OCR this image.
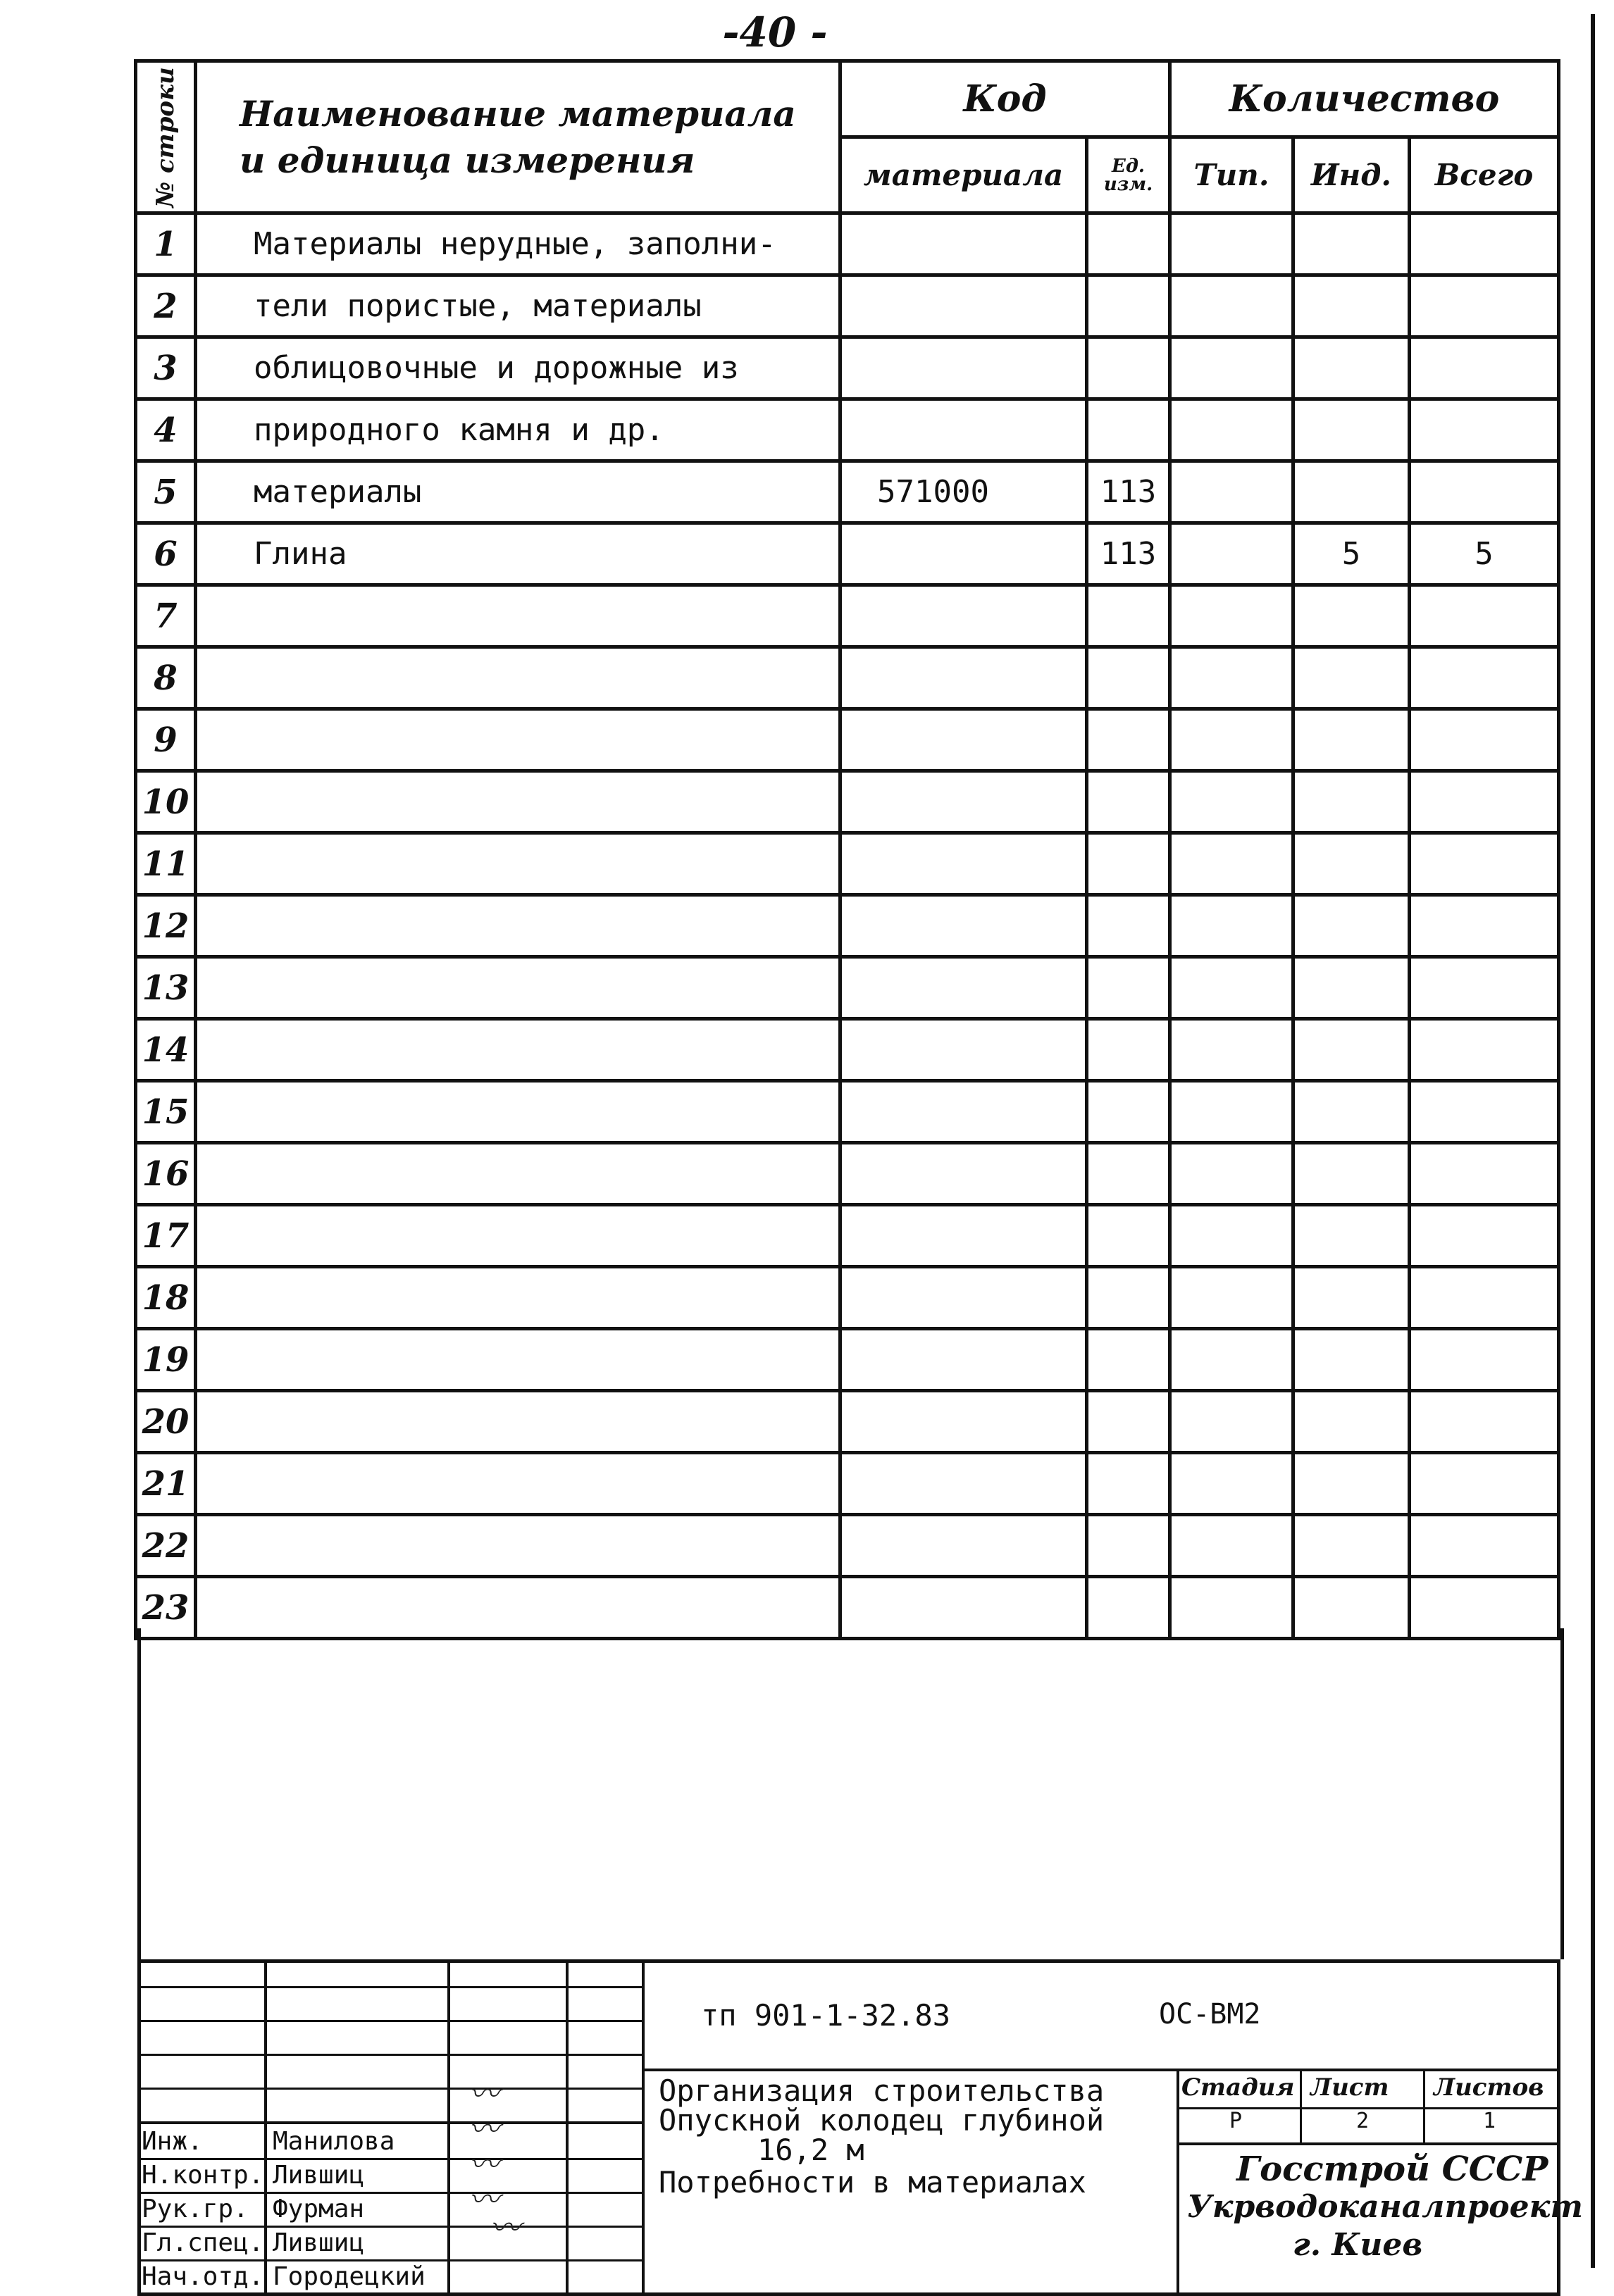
-40 -
№ строки	Наименование материала
и единица измерения	Код		Количество		
		материала	Ед. изм.	Тип.	Инд.	Всего
1	Материалы нерудные, заполни-					
2	тели пористые, материалы					
3	облицовочные и дорожные из					
4	природного камня и др.					
5	материалы	571000	113			
6	Глина		113		5	5
7						
8						
9						
10						
11						
12						
13						
14						
15						
16						
17						
18						
19						
20						
21						
22						
23						
тп 901-1-32.83	ОС-ВМ2
Организация строительства
Опускной колодец глубиной
16,2 м
Потребности в материалах
Стадия Лист Листов
Р	2	1
Госстрой СССР
Укрводоканалпроект
г. Киев
Инж.	Манилова
Н.контр. Лившиц
Рук.гр. Фурман
Гл.спец. Лившиц
Нач.отд. Городецкий
〰
〰
〰
〰
〰
